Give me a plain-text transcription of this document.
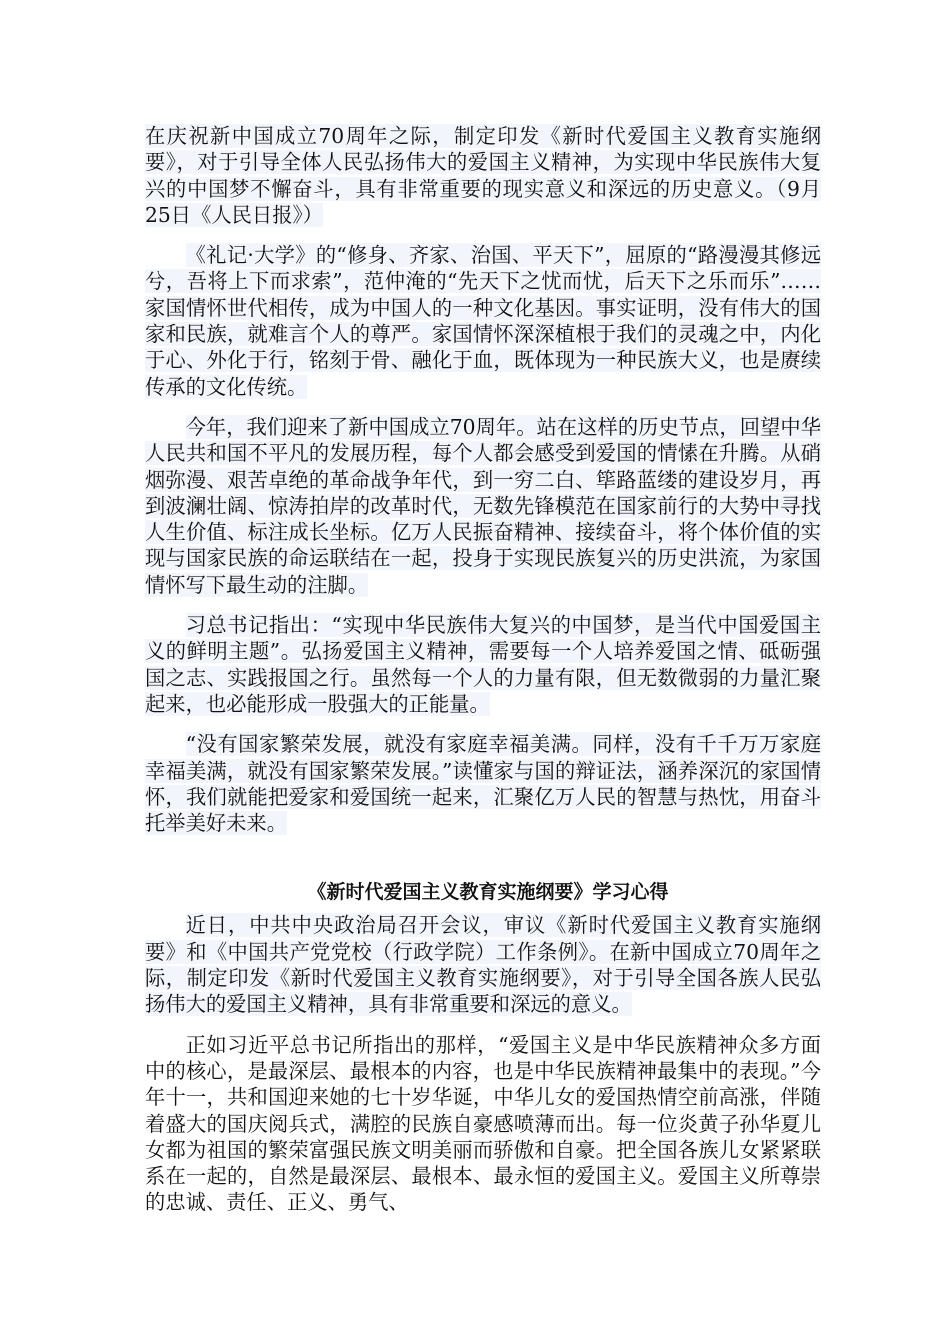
在庆祝新中国成立70周年之际，制定印发《新时代爱国主义教育实施纲要》，对于引导全体人民弘扬伟大的爱国主义精神，为实现中华民族伟大复兴的中国梦不懈奋斗，具有非常重要的现实意义和深远的历史意义。（9月25日《人民日报》）

《礼记·大学》的“修身、齐家、治国、平天下”，屈原的“路漫漫其修远兮，吾将上下而求索”，范仲淹的“先天下之忧而忧，后天下之乐而乐”……家国情怀世代相传，成为中国人的一种文化基因。事实证明，没有伟大的国家和民族，就难言个人的尊严。家国情怀深深植根于我们的灵魂之中，内化于心、外化于行，铭刻于骨、融化于血，既体现为一种民族大义，也是赓续传承的文化传统。

今年，我们迎来了新中国成立70周年。站在这样的历史节点，回望中华人民共和国不平凡的发展历程，每个人都会感受到爱国的情愫在升腾。从硝烟弥漫、艰苦卓绝的革命战争年代，到一穷二白、筚路蓝缕的建设岁月，再到波澜壮阔、惊涛拍岸的改革时代，无数先锋模范在国家前行的大势中寻找人生价值、标注成长坐标。亿万人民振奋精神、接续奋斗，将个体价值的实现与国家民族的命运联结在一起，投身于实现民族复兴的历史洪流，为家国情怀写下最生动的注脚。

习总书记指出：“实现中华民族伟大复兴的中国梦，是当代中国爱国主义的鲜明主题”。弘扬爱国主义精神，需要每一个人培养爱国之情、砥砺强国之志、实践报国之行。虽然每一个人的力量有限，但无数微弱的力量汇聚起来，也必能形成一股强大的正能量。

“没有国家繁荣发展，就没有家庭幸福美满。同样，没有千千万万家庭幸福美满，就没有国家繁荣发展。”读懂家与国的辩证法，涵养深沉的家国情怀，我们就能把爱家和爱国统一起来，汇聚亿万人民的智慧与热忱，用奋斗托举美好未来。

《新时代爱国主义教育实施纲要》学习心得

近日，中共中央政治局召开会议，审议《新时代爱国主义教育实施纲要》和《中国共产党党校（行政学院）工作条例》。在新中国成立70周年之际，制定印发《新时代爱国主义教育实施纲要》，对于引导全国各族人民弘扬伟大的爱国主义精神，具有非常重要和深远的意义。

正如习近平总书记所指出的那样，“爱国主义是中华民族精神众多方面中的核心，是最深层、最根本的内容，也是中华民族精神最集中的表现。”今年十一，共和国迎来她的七十岁华诞，中华儿女的爱国热情空前高涨，伴随着盛大的国庆阅兵式，满腔的民族自豪感喷薄而出。每一位炎黄子孙华夏儿女都为祖国的繁荣富强民族文明美丽而骄傲和自豪。把全国各族儿女紧紧联系在一起的，自然是最深层、最根本、最永恒的爱国主义。爱国主义所尊崇的忠诚、责任、正义、勇气、
